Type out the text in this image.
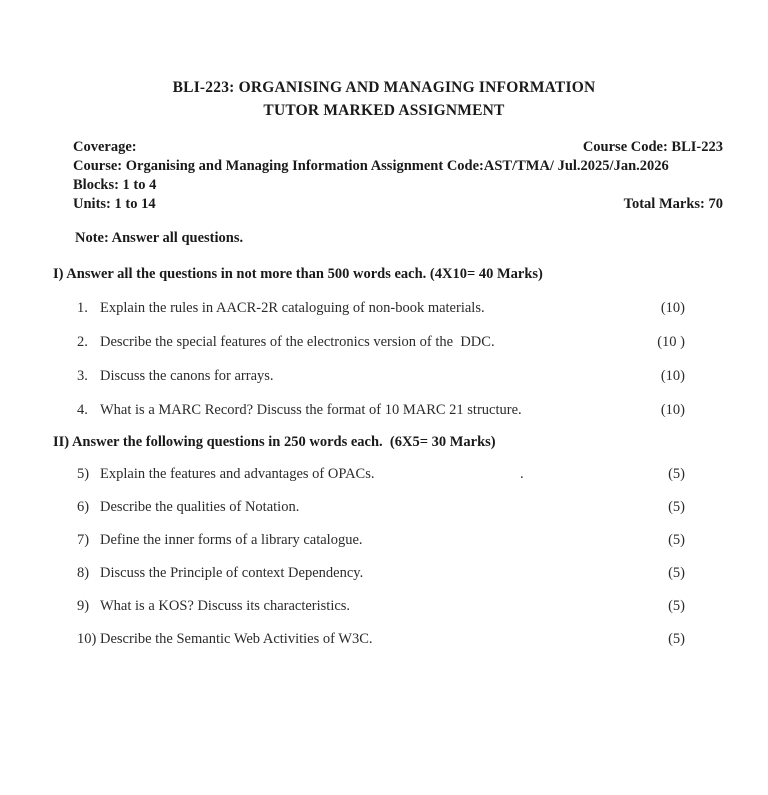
BLI-223: ORGANISING AND MANAGING INFORMATION
TUTOR MARKED ASSIGNMENT
Coverage:	Course Code: BLI-223
Course: Organising and Managing Information Assignment Code:AST/TMA/ Jul.2025/Jan.2026
Blocks: 1 to 4
Units: 1 to 14	Total Marks: 70
Note: Answer all questions.
I) Answer all the questions in not more than 500 words each. (4X10= 40 Marks)
1. Explain the rules in AACR-2R cataloguing of non-book materials.	(10)
2. Describe the special features of the electronics version of the  DDC.	(10 )
3. Discuss the canons for arrays.	(10)
4. What is a MARC Record? Discuss the format of 10 MARC 21 structure.	(10)
II) Answer the following questions in 250 words each.  (6X5= 30 Marks)
5) Explain the features and advantages of OPACs.	(5)
.
6) Describe the qualities of Notation.	(5)
7) Define the inner forms of a library catalogue.	(5)
8) Discuss the Principle of context Dependency.	(5)
9) What is a KOS? Discuss its characteristics.	(5)
10) Describe the Semantic Web Activities of W3C.	(5)
